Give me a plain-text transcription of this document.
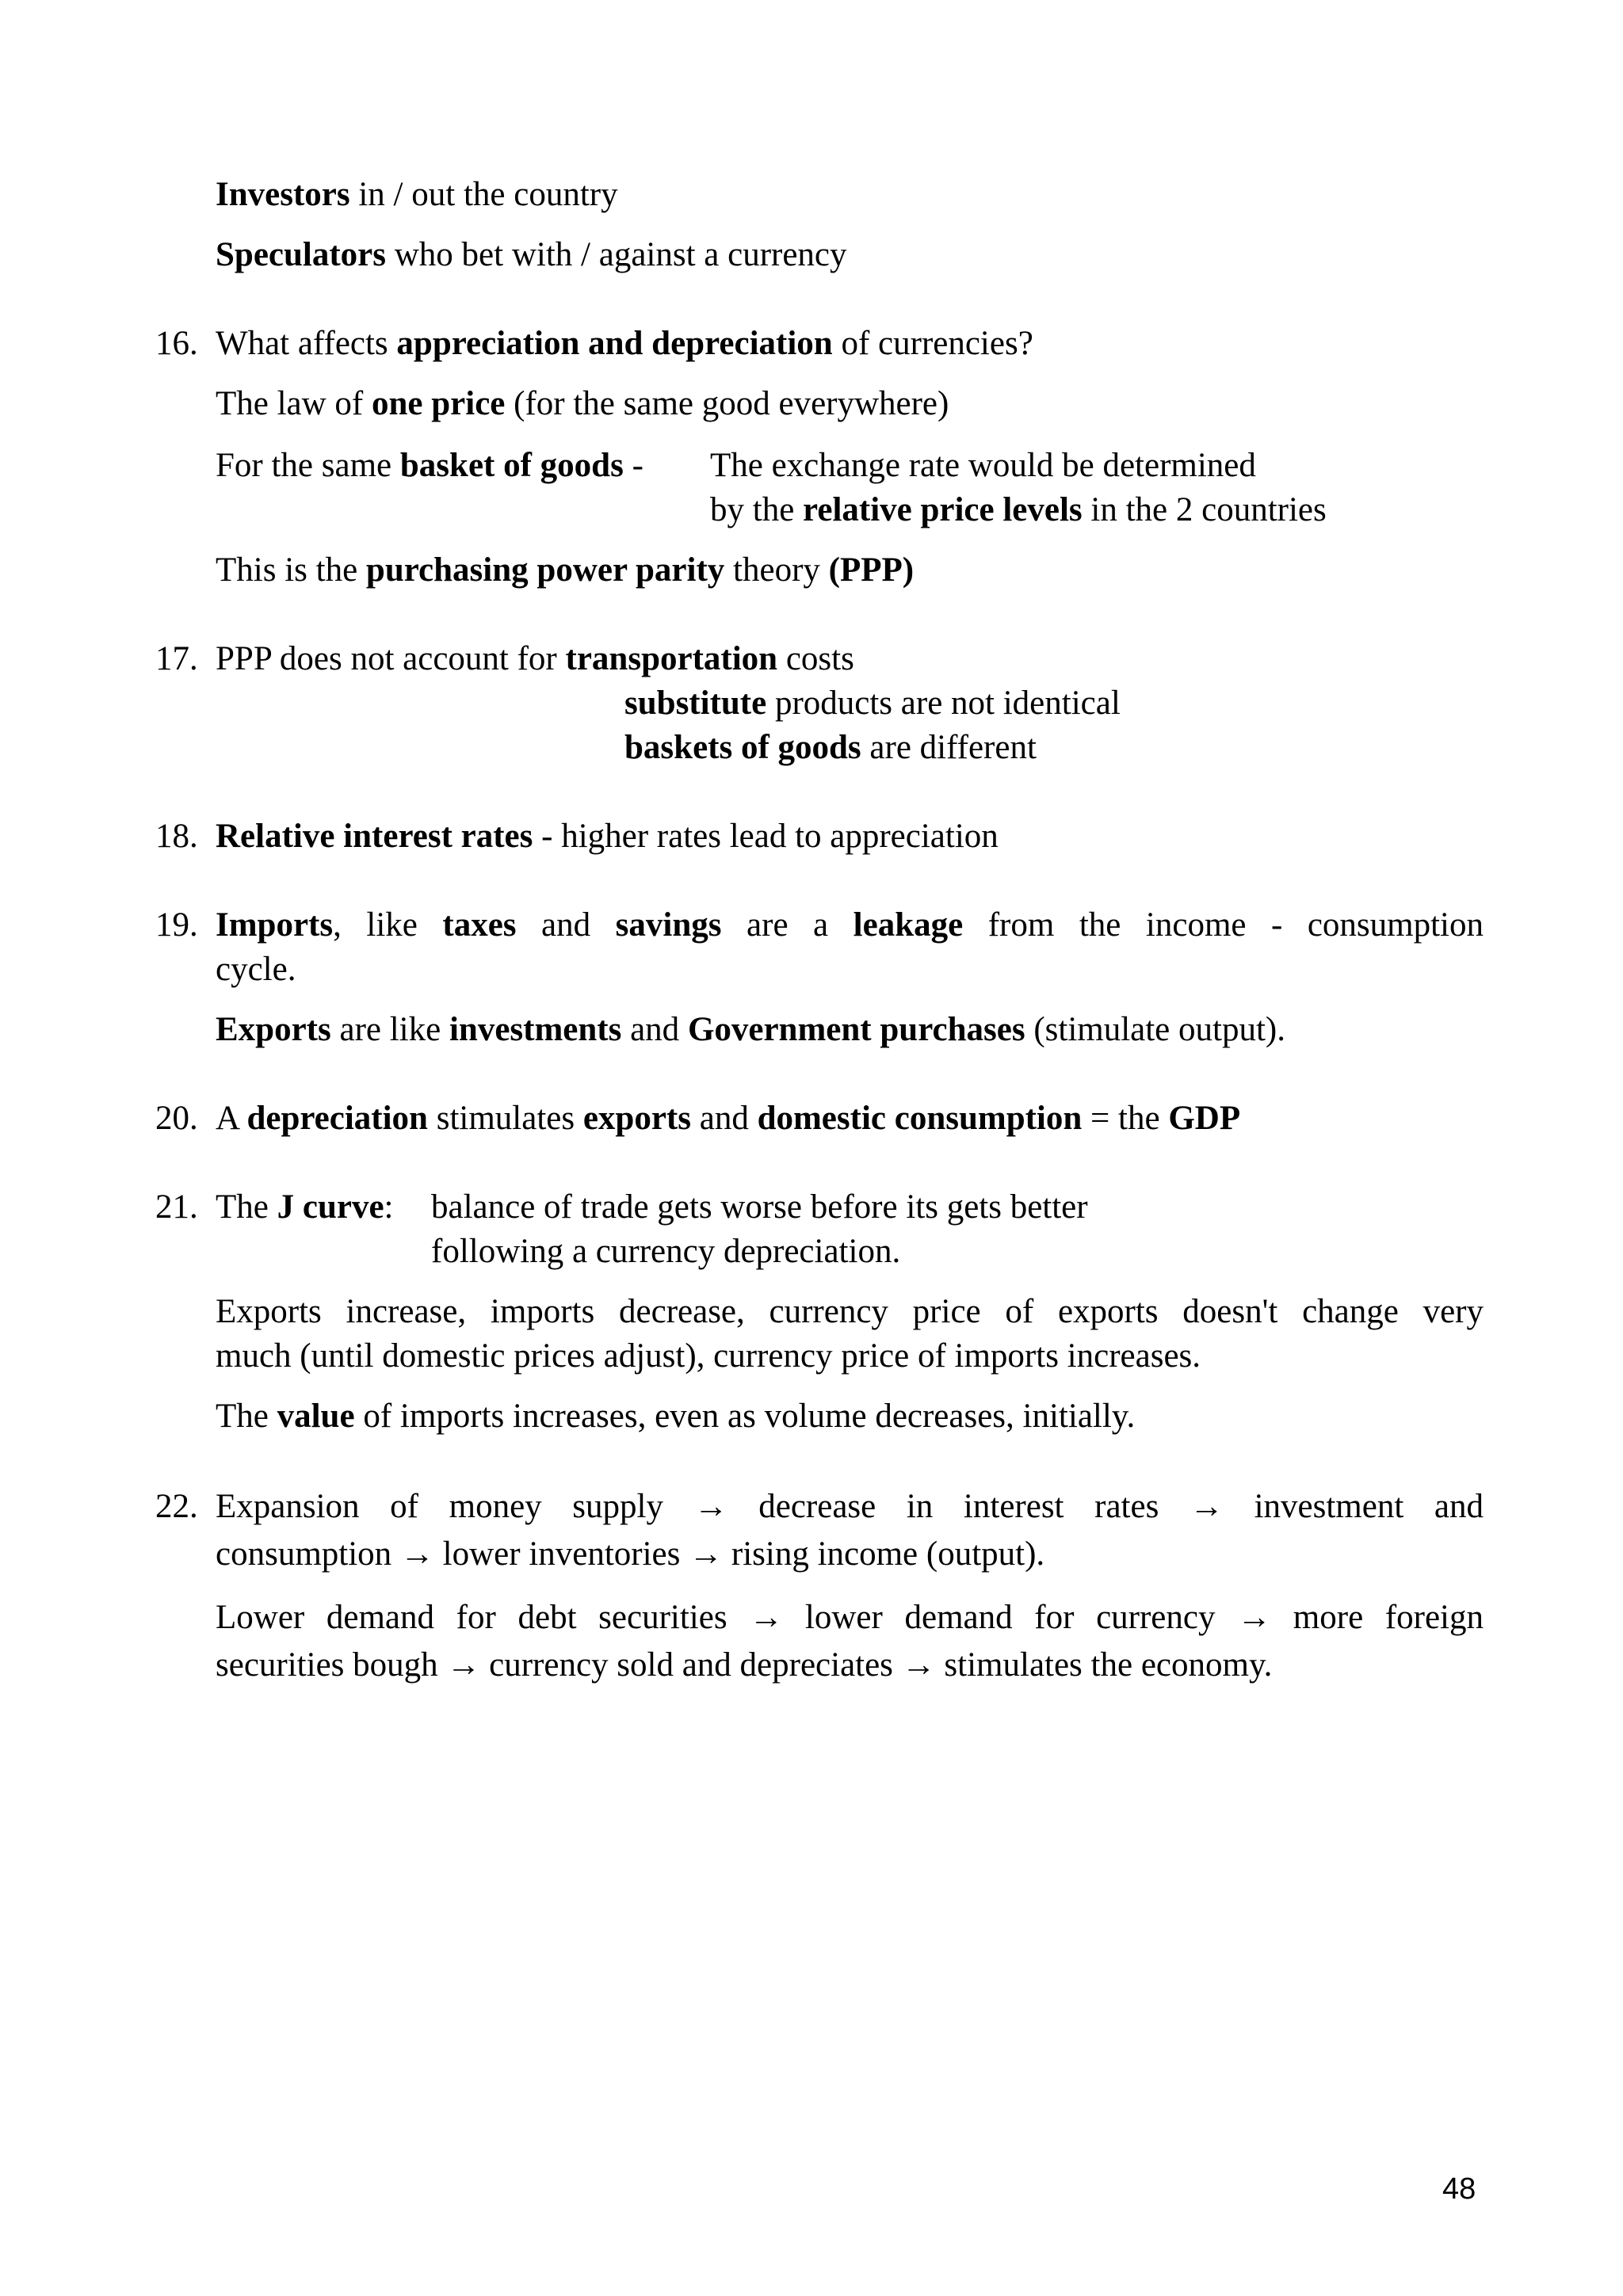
Investors in / out the country
Speculators who bet with / against a currency
16. What affects appreciation and depreciation of currencies?
The law of one price (for the same good everywhere)
For the same basket of goods - The exchange rate would be determined
by the relative price levels in the 2 countries
This is the purchasing power parity theory (PPP)
17. PPP does not account for transportation costs
substitute products are not identical
baskets of goods are different
18. Relative interest rates - higher rates lead to appreciation
19. Imports, like taxes and savings are a leakage from the income - consumption
cycle.
Exports are like investments and Government purchases (stimulate output).
20. A depreciation stimulates exports and domestic consumption = the GDP
21. The J curve: balance of trade gets worse before its gets better
following a currency depreciation.
Exports increase, imports decrease, currency price of exports doesn't change very
much (until domestic prices adjust), currency price of imports increases.
The value of imports increases, even as volume decreases, initially.
22. Expansion of money supply → decrease in interest rates → investment and
consumption → lower inventories → rising income (output).
Lower demand for debt securities → lower demand for currency → more foreign
securities bough → currency sold and depreciates → stimulates the economy.
48
